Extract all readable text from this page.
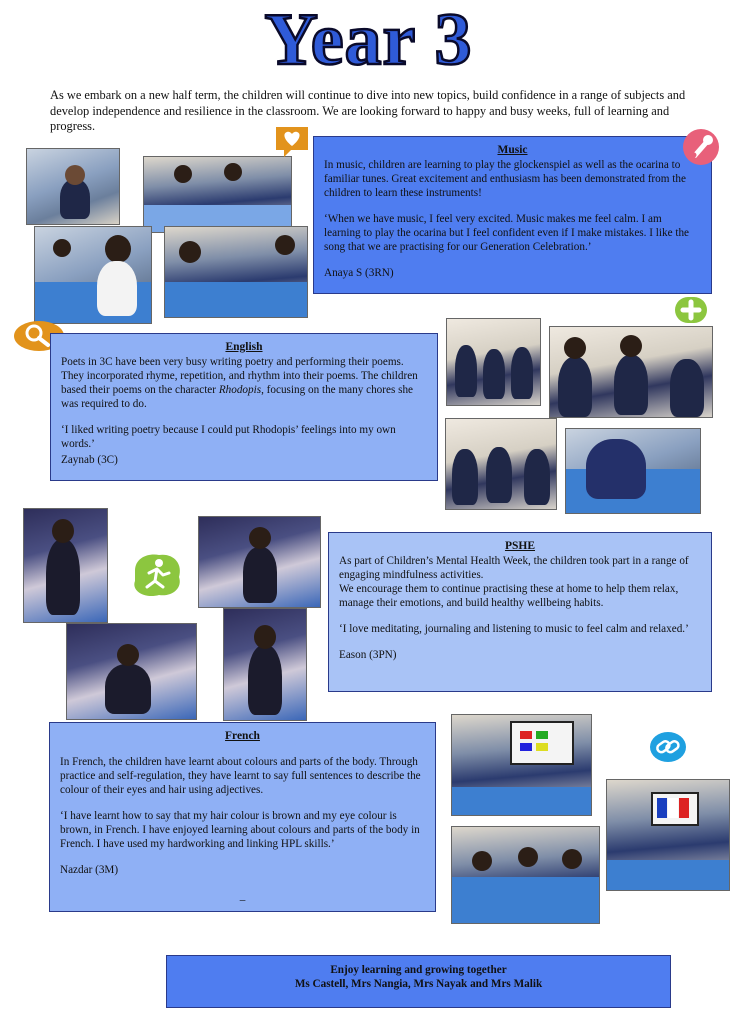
Year 3
As we embark on a new half term, the children will continue to dive into new topics, build confidence in a range of subjects and develop independence and resilience in the classroom. We are looking forward to happy and busy weeks, full of learning and progress.
Music

In music, children are learning to play the glockenspiel as well as the ocarina to familiar tunes. Great excitement and enthusiasm has been demonstrated from the children to learn these instruments!

‘When we have music, I feel very excited. Music makes me feel calm. I am learning to play the ocarina but I feel confident even if I make mistakes. I like the song that we are practising for our Generation Celebration.’

Anaya S (3RN)

English

Poets in 3C have been very busy writing poetry and performing their poems. They incorporated rhyme, repetition, and rhythm into their poems. The children based their poems on the character Rhodopis, focusing on the many chores she was required to do.

‘I liked writing poetry because I could put Rhodopis’ feelings into my own words.’

Zaynab (3C)

PSHE

As part of Children’s Mental Health Week, the children took part in a range of engaging mindfulness activities.

We encourage them to continue practising these at home to help them relax, manage their emotions, and build healthy wellbeing habits.

‘I love meditating, journaling and listening to music to feel calm and relaxed.’

Eason (3PN)

French

In French, the children have learnt about colours and parts of the body. Through practice and self-regulation, they have learnt to say full sentences to describe the colour of their eyes and hair using adjectives.

‘I have learnt how to say that my hair colour is brown and my eye colour is brown, in French. I have enjoyed learning about colours and parts of the body in French. I have used my hardworking and linking HPL skills.’

Nazdar (3M)

_
Enjoy learning and growing together
Ms Castell, Mrs Nangia, Mrs Nayak and Mrs Malik
